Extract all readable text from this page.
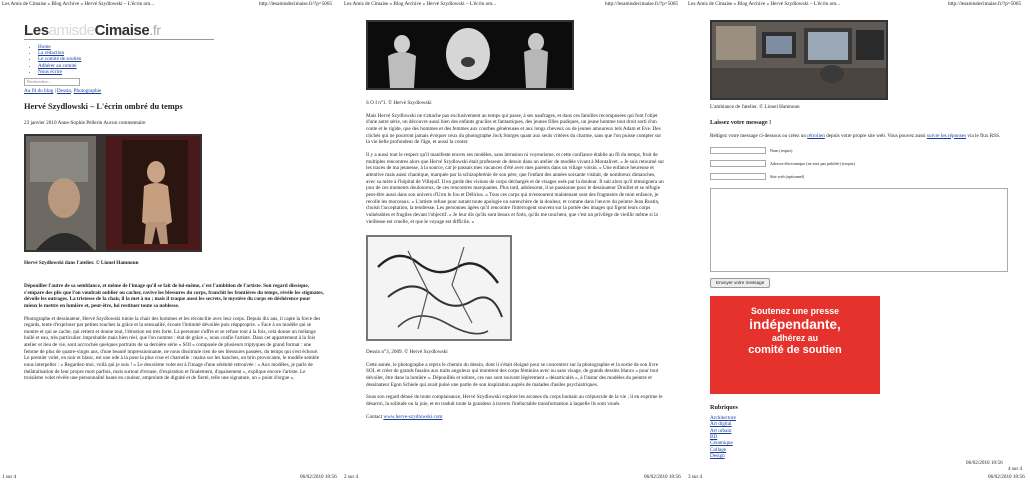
Les Amis de Cimaise » Blog Archive » Hervé Szydlowski – L'écrin om...	http://lesamisdecimaise.fr/?p=5005 Les Amis de Cimaise » Blog Archive » Hervé Szydlowski – L'écrin om...	http://lesamisdecimaise.fr/?p=5005 Les Amis de Cimaise » Blog Archive » Hervé Szydlowski – L'écrin om...	http://lesamisdecimaise.fr/?p=5005
LesamisdeCimaise.fr
• Home
• La rédaction
• Le comité de soutien
• Adhérer au comité
• Nous écrire
Rechercher...
Au fil du blog | Dessin, Photographie
Hervé Szydlowski – L'écrin ombré du temps
23 janvier 2010 Anne-Sophie Pellerin Aucun commentaire
Hervé Szydlowski dans l'atelier. © Lionel Hamnoun
Dépouiller l'autre de sa semblance, et même de l'image qu'il se fait de lui-même, c'est l'ambition de l'artiste. Son regard dissèque, s'empare des plis que l'on voudrait oublier ou cacher, ravive les blessures du corps, franchit les frontières du temps, révèle les stigmates, dévoile les outrages. La tristesse de la chair, il la met à nu ; mais il traque aussi les secrets, le mystère du corps en déshérence pour mieux le mettre en lumière et, peut-être, lui restituer toute sa noblesse.
Photographe et dessinateur, Hervé Szydlowski tutoie la chair des hommes et les réconcilie avec leur corps. Depuis dix ans, il capte la force des regards, tente d'exprimer par petites touches la grâce et la sensualité, écoute l'intimité dévoilée puis réapproprie. « Face à un modèle qui se montre et qui se cache, qui retient et donne tout, l'émotion est très forte. La personne s'offre et se refuse tout à la fois, cela donne un mélange huilé et eau, très particulier. improbable mais bien réel, que l'on nomme : état de grâce », nous confie l'artiste. Dans cet appartement à la fois atelier et lieu de vie, sont accrochés quelques portraits de sa dernière série « SOI » composée de plusieurs triptyques de grand format : une femme de plus de quatre-vingts ans, d'une beauté impressionnante, ne nous dissimule rien de ses blessures passées, du temps qui s'est échoué. Le premier volet, en noir et blanc, est une ode à la pose la plus crue et charnelle : mains sur les hanches, un brin provocante, le modèle semble nous interpeller : « Regardez-moi, voilà qui je suis ! » Le deuxième volet est à l'image d'une sérénité retrouvée : « Aux modèles, je parle de théâtralisation de leur propre mort parfois, mais surtout d'extase, d'expiration et finalement, d'apaisement », explique encore l'artiste. Le troisième volet révèle une personnalité haute en couleur, empreinte de dignité et de fierté, telle une signature, un « point d'orgue ».
S O I n°1. © Hervé Szydlowski
Mais Hervé Szydlowski ne s'attache pas exclusivement au temps qui passe, à ses naufrages, et dans ces familles recomposées qui font l'objet d'une autre série, on découvre aussi bien des enfants graciles et fantastiques, des jeunes filles pudiques, un jeune homme tout droit sorti d'un conte et le rigide, que des hommes et des femmes aux courbes généreuses et aux longs cheveux ou de jeunes amoureux tels Adam et Eve. Des clichés qui ne pourront jamais évoquer ceux du photographe Jock Sturges quant aux seuls critères du charme, sans que l'on puisse compter sur la vie belle profondeur de l'âge, et aussi la conter.
Il y a aussi tout le respect qu'il manifeste envers ses modèles, sans intrusion ni voyeurisme, et cette confiance établie au fil du temps, fruit de multiples rencontres alors que Hervé Szydlowski était professeur de dessin dans un atelier de modèle vivant à Montalivet. « Je suis retourné sur les traces de ma jeunesse, à la source, car je passais mes vacances d'été avec mes parents dans un village voisin. » Une enfance heureuse et attentive mais aussi chaotique, marquée par la schizophrénie de son père, que l'enfant des années soixante visitait, de nombreux dimanches, avec sa mère à l'hôpital de Villejuif. Il en garde des visions de corps déchargés et de visages usés par la douleur. Il sait alors qu'il témoignera un jour de ces moments douloureux, de ces rencontres marquantes. Plus tard, adolescent, il se passionne pour le dessinateur Druillet et se réfugie peut-être aussi dans son univers d'Urm le fou et Délirius. « Tous ces corps qui m'entourent maintenant sont des fragments de mon enfance, je recolle les morceaux. » L'artiste refuse pour autant toute apologie ou surenchère de la douleur, et comme dans l'œuvre du peintre Jean Rustin, choisit l'acceptation, la tendresse. Les personnes âgées qu'il rencontre l'interrogent souvent sur la portée des images qui figent leurs corps vulnérables et fragiles devant l'objectif. « Je leur dis qu'ils sont beaux et forts, qu'ils me touchent, que c'est un privilège de vieillir même si la vieillesse est cruelle, et que le voyage est difficile. »
Dessin n°3, 2009. © Hervé Szydlowski
Cette année, le photographe a repris le chemin du dessin, dont il s'était éloigné pour se concentrer sur la photographie et la sortie de son livre SOI, et créer de grands fusains aux traits anguleux qui montrent des corps féminins avec ou sans visage, de grands dessins blancs « pour tout dévoiler, être dans la lumière ». Dépouillés et sobres, ces nus sont souvent légèrement « désarticulés », à l'instar des modèles du peintre et dessinateur Egon Schiele qui avait puisé une partie de son inspiration auprès de malades d'asiles psychiatriques.
Sous son regard dénué de toute complaisance, Hervé Szydlowski explore les arcanes du corps humain au crépuscule de la vie ; il en exprime le désarroi, la solitude ou la joie, et en traduit toute la grandeur à travers l'inéluctable transformation à laquelle ils sont voués.
Contact www.herve-szydlowski.com
L'ambiance de l'atelier. © Lionel Hamnoun
Laissez votre message !
Rédigez votre message ci-dessous ou créez un rétrolien depuis votre propre site web. Vous pouvez aussi suivre les réponses via le flux RSS.
Nom (requis)
Adresse électronique (ne sera pas publiée) (requis)
Site web (optionnel)
Envoyer votre message
Soutenez une presse
indépendante,
adhérez au
comité de soutien
Rubriques
Architecture
Art digital
Art urbain
BD
Céramique
Collage
Design
1 sur 4	06/02/2010 10:56 2 sur 4	06/02/2010 10:56 3 sur 4	06/02/2010 10:56
4 sur 4
06/02/2010 10:56
